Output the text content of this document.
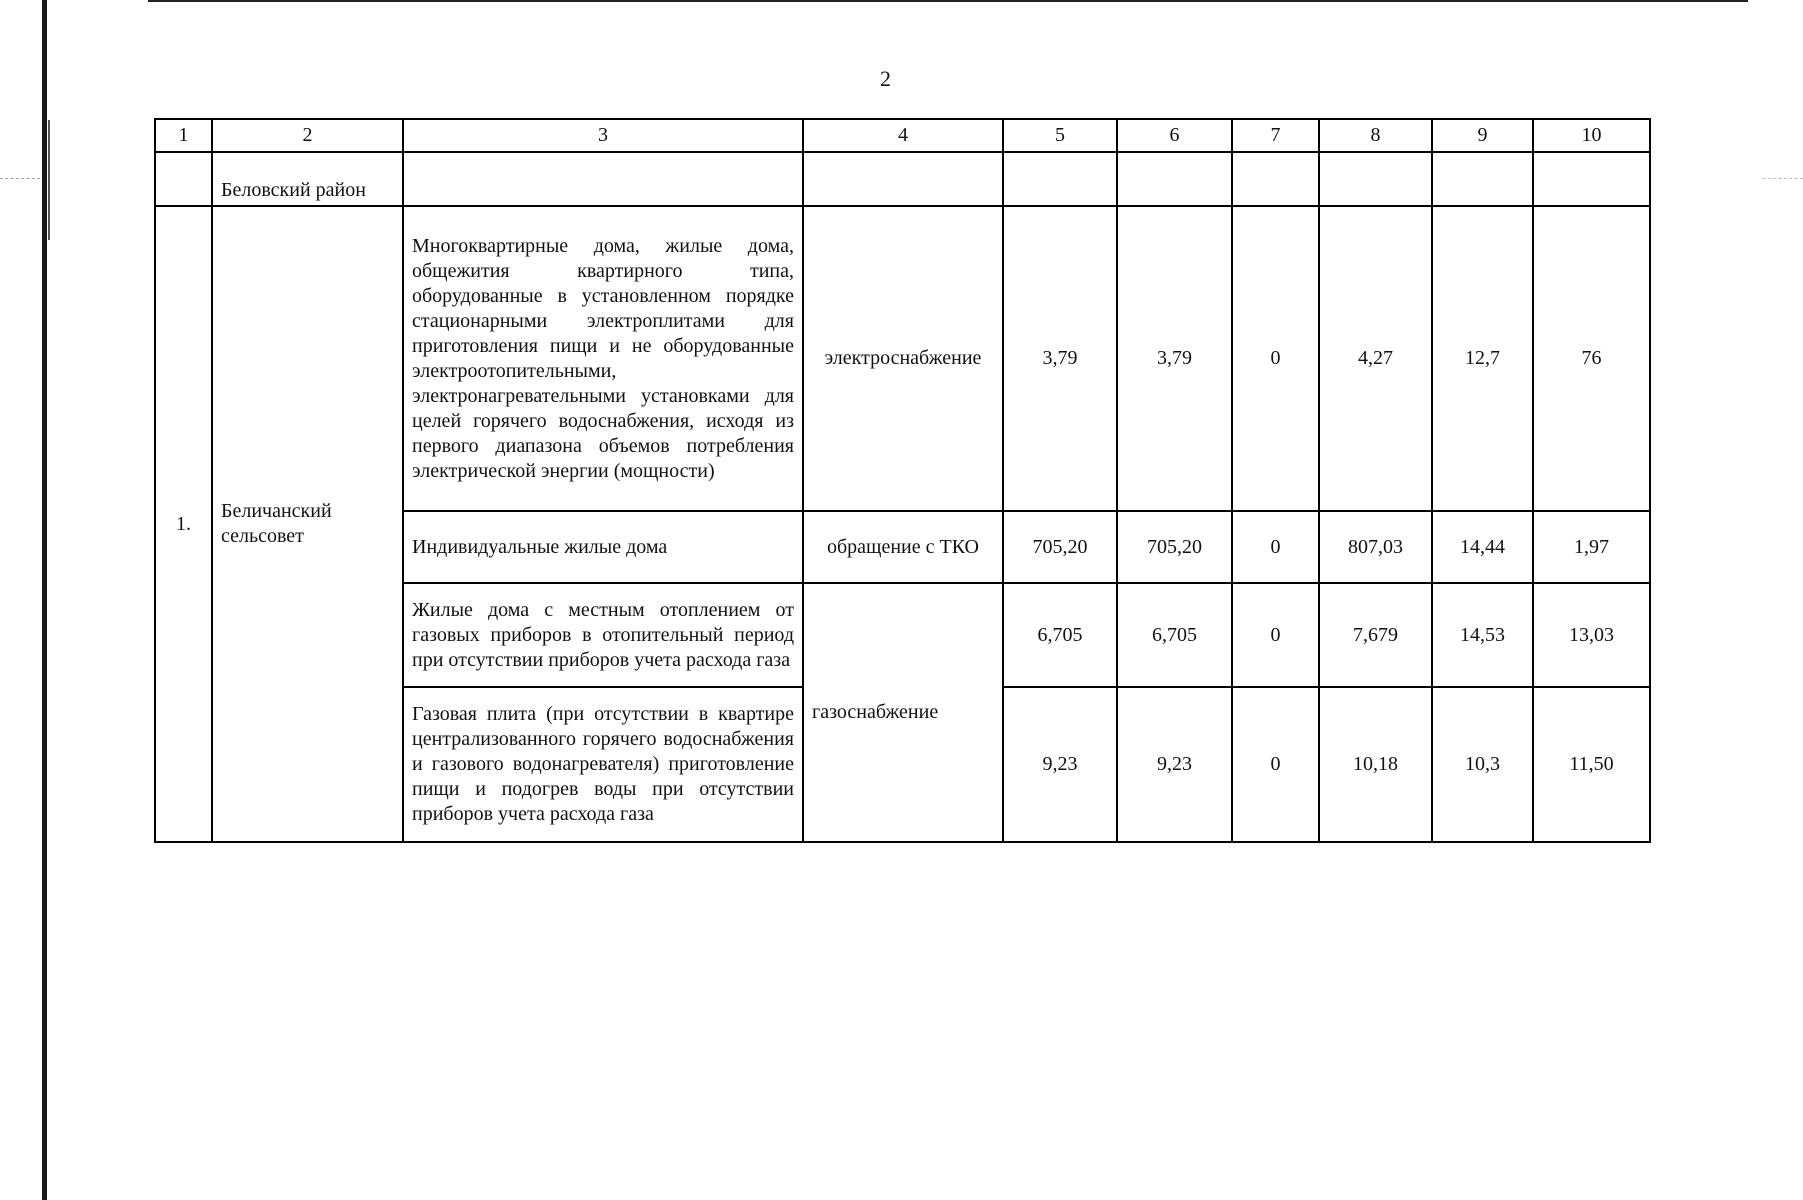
2
1	2	3	4	5	6	7	8	9	10
	Беловский район								
1.	Беличанский сельсовет	Многоквартирные дома, жилые дома, общежития квартирного типа, оборудованные в установленном порядке стационарными электроплитами для приготовления пищи и не оборудованные электроотопительными, электронагревательными установками для целей горячего водоснабжения, исходя из первого диапазона объемов потребления электрической энергии (мощности)	электроснабжение	3,79	3,79	0	4,27	12,7	76
		Индивидуальные жилые дома	обращение с ТКО	705,20	705,20	0	807,03	14,44	1,97
		Жилые дома с местным отоплением от газовых приборов в отопительный период при отсутствии приборов учета расхода газа	газоснабжение	6,705	6,705	0	7,679	14,53	13,03
		Газовая плита (при отсутствии в квартире централизованного горячего водоснабжения и газового водонагревателя) приготовление пищи и подогрев воды при отсутствии приборов учета расхода газа		9,23	9,23	0	10,18	10,3	11,50
